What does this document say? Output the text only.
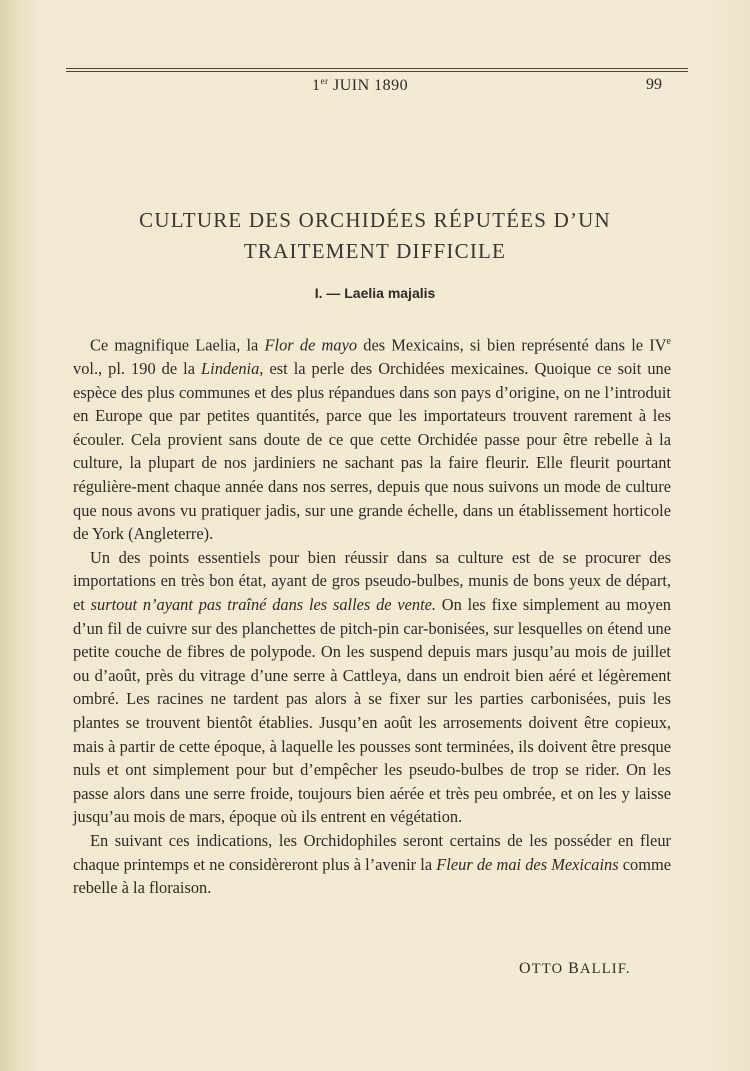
1er JUIN 1890	99
CULTURE DES ORCHIDÉES RÉPUTÉES D’UN
TRAITEMENT DIFFICILE
I. — Laelia majalis

Ce magnifique Laelia, la Flor de mayo des Mexicains, si bien représenté dans le IVe vol., pl. 190 de la Lindenia, est la perle des Orchidées mexicaines. Quoique ce soit une espèce des plus communes et des plus répandues dans son pays d’origine, on ne l’introduit en Europe que par petites quantités, parce que les importateurs trouvent rarement à les écouler. Cela provient sans doute de ce que cette Orchidée passe pour être rebelle à la culture, la plupart de nos jardiniers ne sachant pas la faire fleurir. Elle fleurit pourtant régulière-ment chaque année dans nos serres, depuis que nous suivons un mode de culture que nous avons vu pratiquer jadis, sur une grande échelle, dans un établissement horticole de York (Angleterre).

Un des points essentiels pour bien réussir dans sa culture est de se procurer des importations en très bon état, ayant de gros pseudo-bulbes, munis de bons yeux de départ, et surtout n’ayant pas traîné dans les salles de vente. On les fixe simplement au moyen d’un fil de cuivre sur des planchettes de pitch-pin car-bonisées, sur lesquelles on étend une petite couche de fibres de polypode. On les suspend depuis mars jusqu’au mois de juillet ou d’août, près du vitrage d’une serre à Cattleya, dans un endroit bien aéré et légèrement ombré. Les racines ne tardent pas alors à se fixer sur les parties carbonisées, puis les plantes se trouvent bientôt établies. Jusqu’en août les arrosements doivent être copieux, mais à partir de cette époque, à laquelle les pousses sont terminées, ils doivent être presque nuls et ont simplement pour but d’empêcher les pseudo-bulbes de trop se rider. On les passe alors dans une serre froide, toujours bien aérée et très peu ombrée, et on les y laisse jusqu’au mois de mars, époque où ils entrent en végétation.

En suivant ces indications, les Orchidophiles seront certains de les posséder en fleur chaque printemps et ne considèreront plus à l’avenir la Fleur de mai des Mexicains comme rebelle à la floraison.

OTTO BALLIF.
